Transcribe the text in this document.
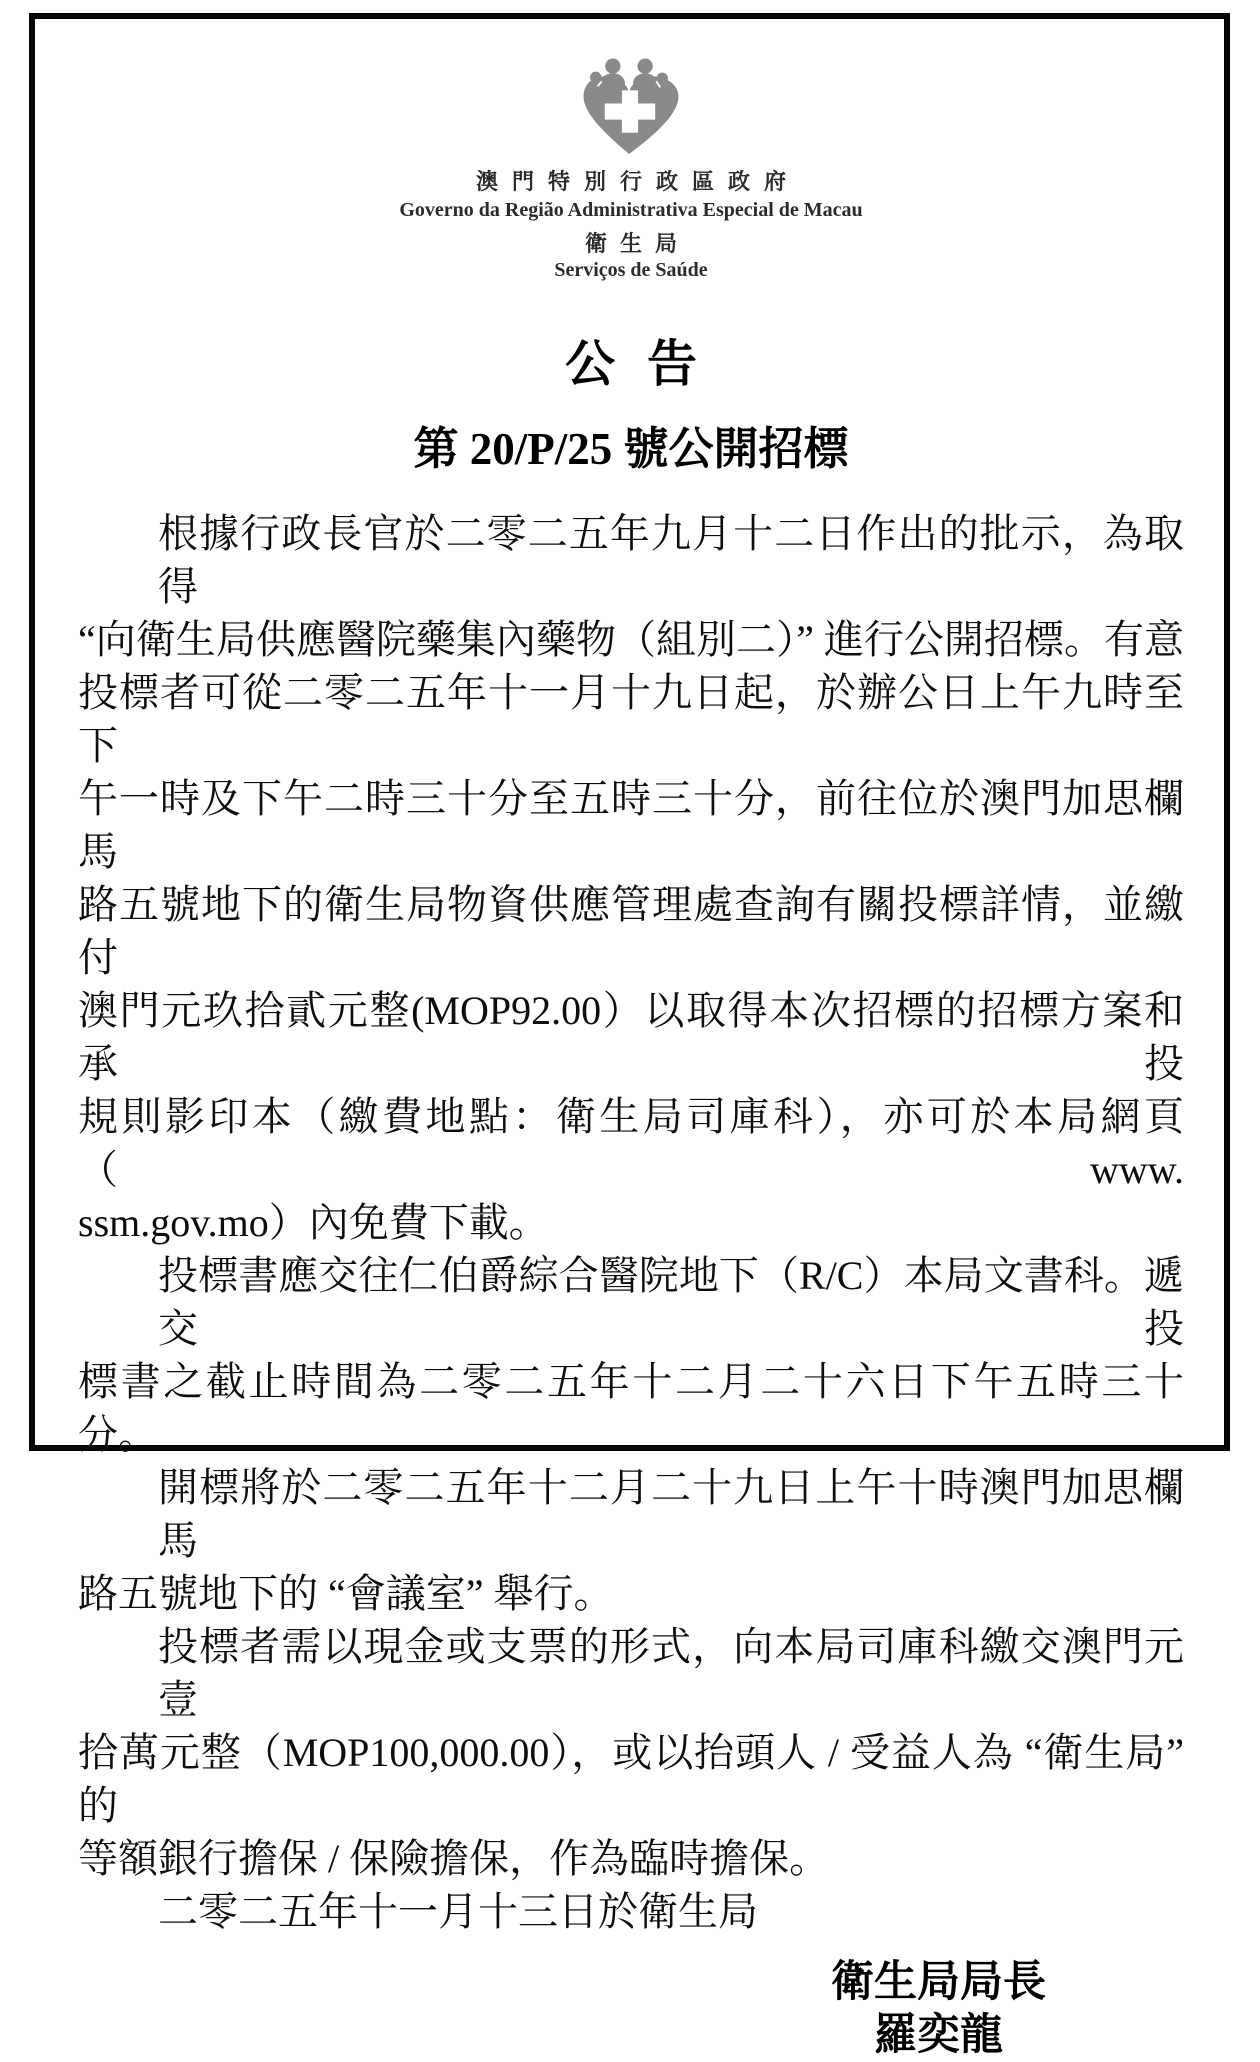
澳門特別行政區政府
Governo da Região Administrativa Especial de Macau
衛生局
Serviços de Saúde
公告
第 20/P/25 號公開招標
根據行政長官於二零二五年九月十二日作出的批示，為取得
“向衛生局供應醫院藥集內藥物（組別二）” 進行公開招標。有意
投標者可從二零二五年十一月十九日起，於辦公日上午九時至下
午一時及下午二時三十分至五時三十分，前往位於澳門加思欄馬
路五號地下的衛生局物資供應管理處查詢有關投標詳情，並繳付
澳門元玖拾貳元整(MOP92.00）以取得本次招標的招標方案和承投
規則影印本（繳費地點：衛生局司庫科），亦可於本局網頁（www.
ssm.gov.mo）內免費下載。
投標書應交往仁伯爵綜合醫院地下（R/C）本局文書科。遞交投
標書之截止時間為二零二五年十二月二十六日下午五時三十分。
開標將於二零二五年十二月二十九日上午十時澳門加思欄馬
路五號地下的 “會議室” 舉行。
投標者需以現金或支票的形式，向本局司庫科繳交澳門元壹
拾萬元整（MOP100,000.00），或以抬頭人 / 受益人為 “衛生局” 的
等額銀行擔保 / 保險擔保，作為臨時擔保。
二零二五年十一月十三日於衛生局
衛生局局長
羅奕龍
